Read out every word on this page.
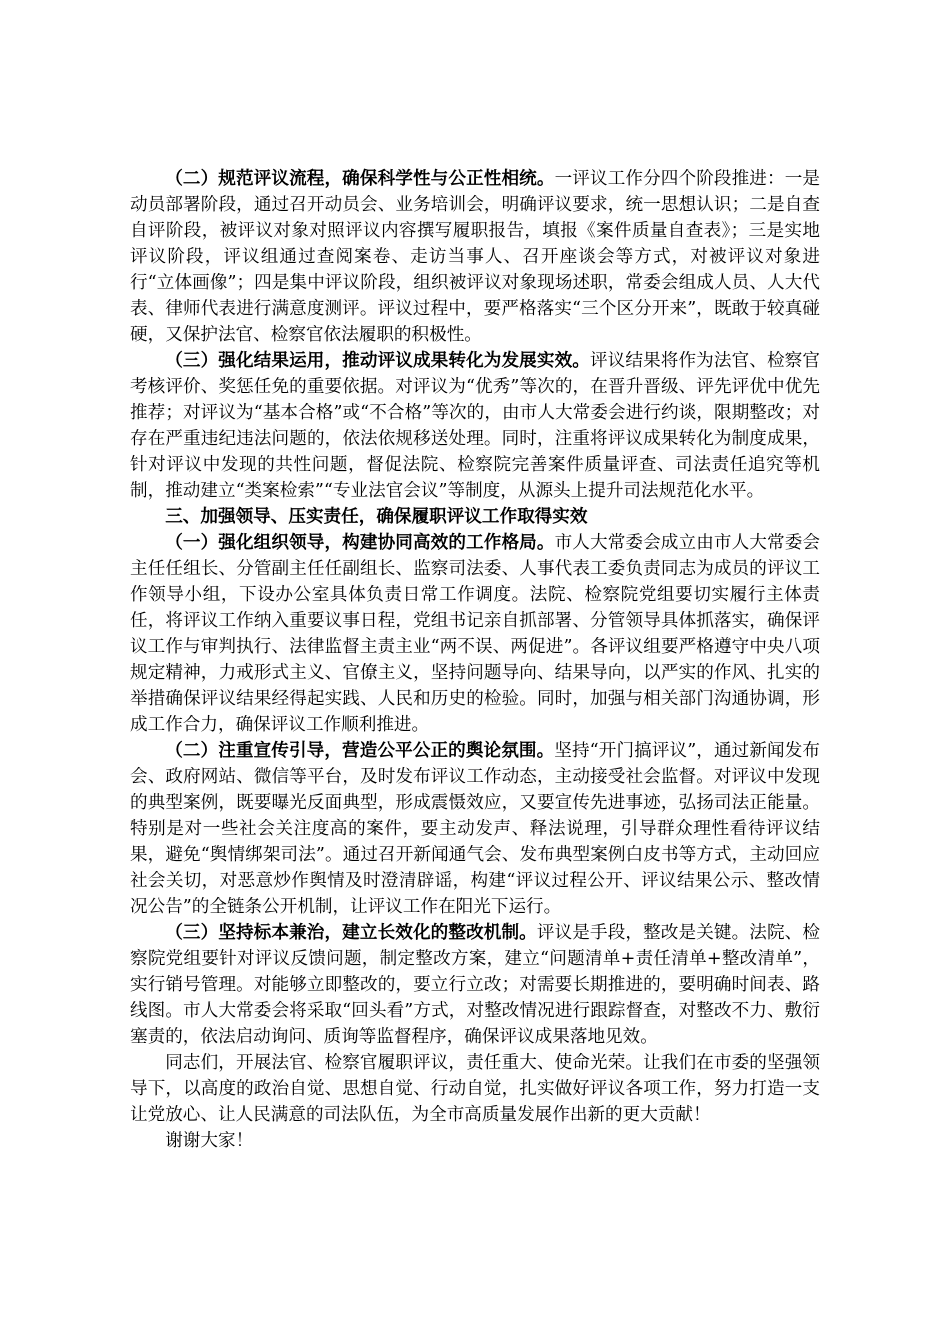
（二）规范评议流程，确保科学性与公正性相统。一评议工作分四个阶段推进：一是动员部署阶段，通过召开动员会、业务培训会，明确评议要求，统一思想认识；二是自查自评阶段，被评议对象对照评议内容撰写履职报告，填报《案件质量自查表》；三是实地评议阶段，评议组通过查阅案卷、走访当事人、召开座谈会等方式，对被评议对象进行“立体画像”；四是集中评议阶段，组织被评议对象现场述职，常委会组成人员、人大代表、律师代表进行满意度测评。评议过程中，要严格落实“三个区分开来”，既敢于较真碰硬，又保护法官、检察官依法履职的积极性。

（三）强化结果运用，推动评议成果转化为发展实效。评议结果将作为法官、检察官考核评价、奖惩任免的重要依据。对评议为“优秀”等次的，在晋升晋级、评先评优中优先推荐；对评议为“基本合格”或“不合格”等次的，由市人大常委会进行约谈，限期整改；对存在严重违纪违法问题的，依法依规移送处理。同时，注重将评议成果转化为制度成果，针对评议中发现的共性问题，督促法院、检察院完善案件质量评查、司法责任追究等机制，推动建立“类案检索”“专业法官会议”等制度，从源头上提升司法规范化水平。

三、加强领导、压实责任，确保履职评议工作取得实效

（一）强化组织领导，构建协同高效的工作格局。市人大常委会成立由市人大常委会主任任组长、分管副主任任副组长、监察司法委、人事代表工委负责同志为成员的评议工作领导小组，下设办公室具体负责日常工作调度。法院、检察院党组要切实履行主体责任，将评议工作纳入重要议事日程，党组书记亲自抓部署、分管领导具体抓落实，确保评议工作与审判执行、法律监督主责主业“两不误、两促进”。各评议组要严格遵守中央八项规定精神，力戒形式主义、官僚主义，坚持问题导向、结果导向，以严实的作风、扎实的举措确保评议结果经得起实践、人民和历史的检验。同时，加强与相关部门沟通协调，形成工作合力，确保评议工作顺利推进。

（二）注重宣传引导，营造公平公正的舆论氛围。坚持“开门搞评议”，通过新闻发布会、政府网站、微信等平台，及时发布评议工作动态，主动接受社会监督。对评议中发现的典型案例，既要曝光反面典型，形成震慑效应，又要宣传先进事迹，弘扬司法正能量。特别是对一些社会关注度高的案件，要主动发声、释法说理，引导群众理性看待评议结果，避免“舆情绑架司法”。通过召开新闻通气会、发布典型案例白皮书等方式，主动回应社会关切，对恶意炒作舆情及时澄清辟谣，构建“评议过程公开、评议结果公示、整改情况公告”的全链条公开机制，让评议工作在阳光下运行。

（三）坚持标本兼治，建立长效化的整改机制。评议是手段，整改是关键。法院、检察院党组要针对评议反馈问题，制定整改方案，建立“问题清单+责任清单+整改清单”，实行销号管理。对能够立即整改的，要立行立改；对需要长期推进的，要明确时间表、路线图。市人大常委会将采取“回头看”方式，对整改情况进行跟踪督查，对整改不力、敷衍塞责的，依法启动询问、质询等监督程序，确保评议成果落地见效。

同志们，开展法官、检察官履职评议，责任重大、使命光荣。让我们在市委的坚强领导下，以高度的政治自觉、思想自觉、行动自觉，扎实做好评议各项工作，努力打造一支让党放心、让人民满意的司法队伍，为全市高质量发展作出新的更大贡献！

谢谢大家！
